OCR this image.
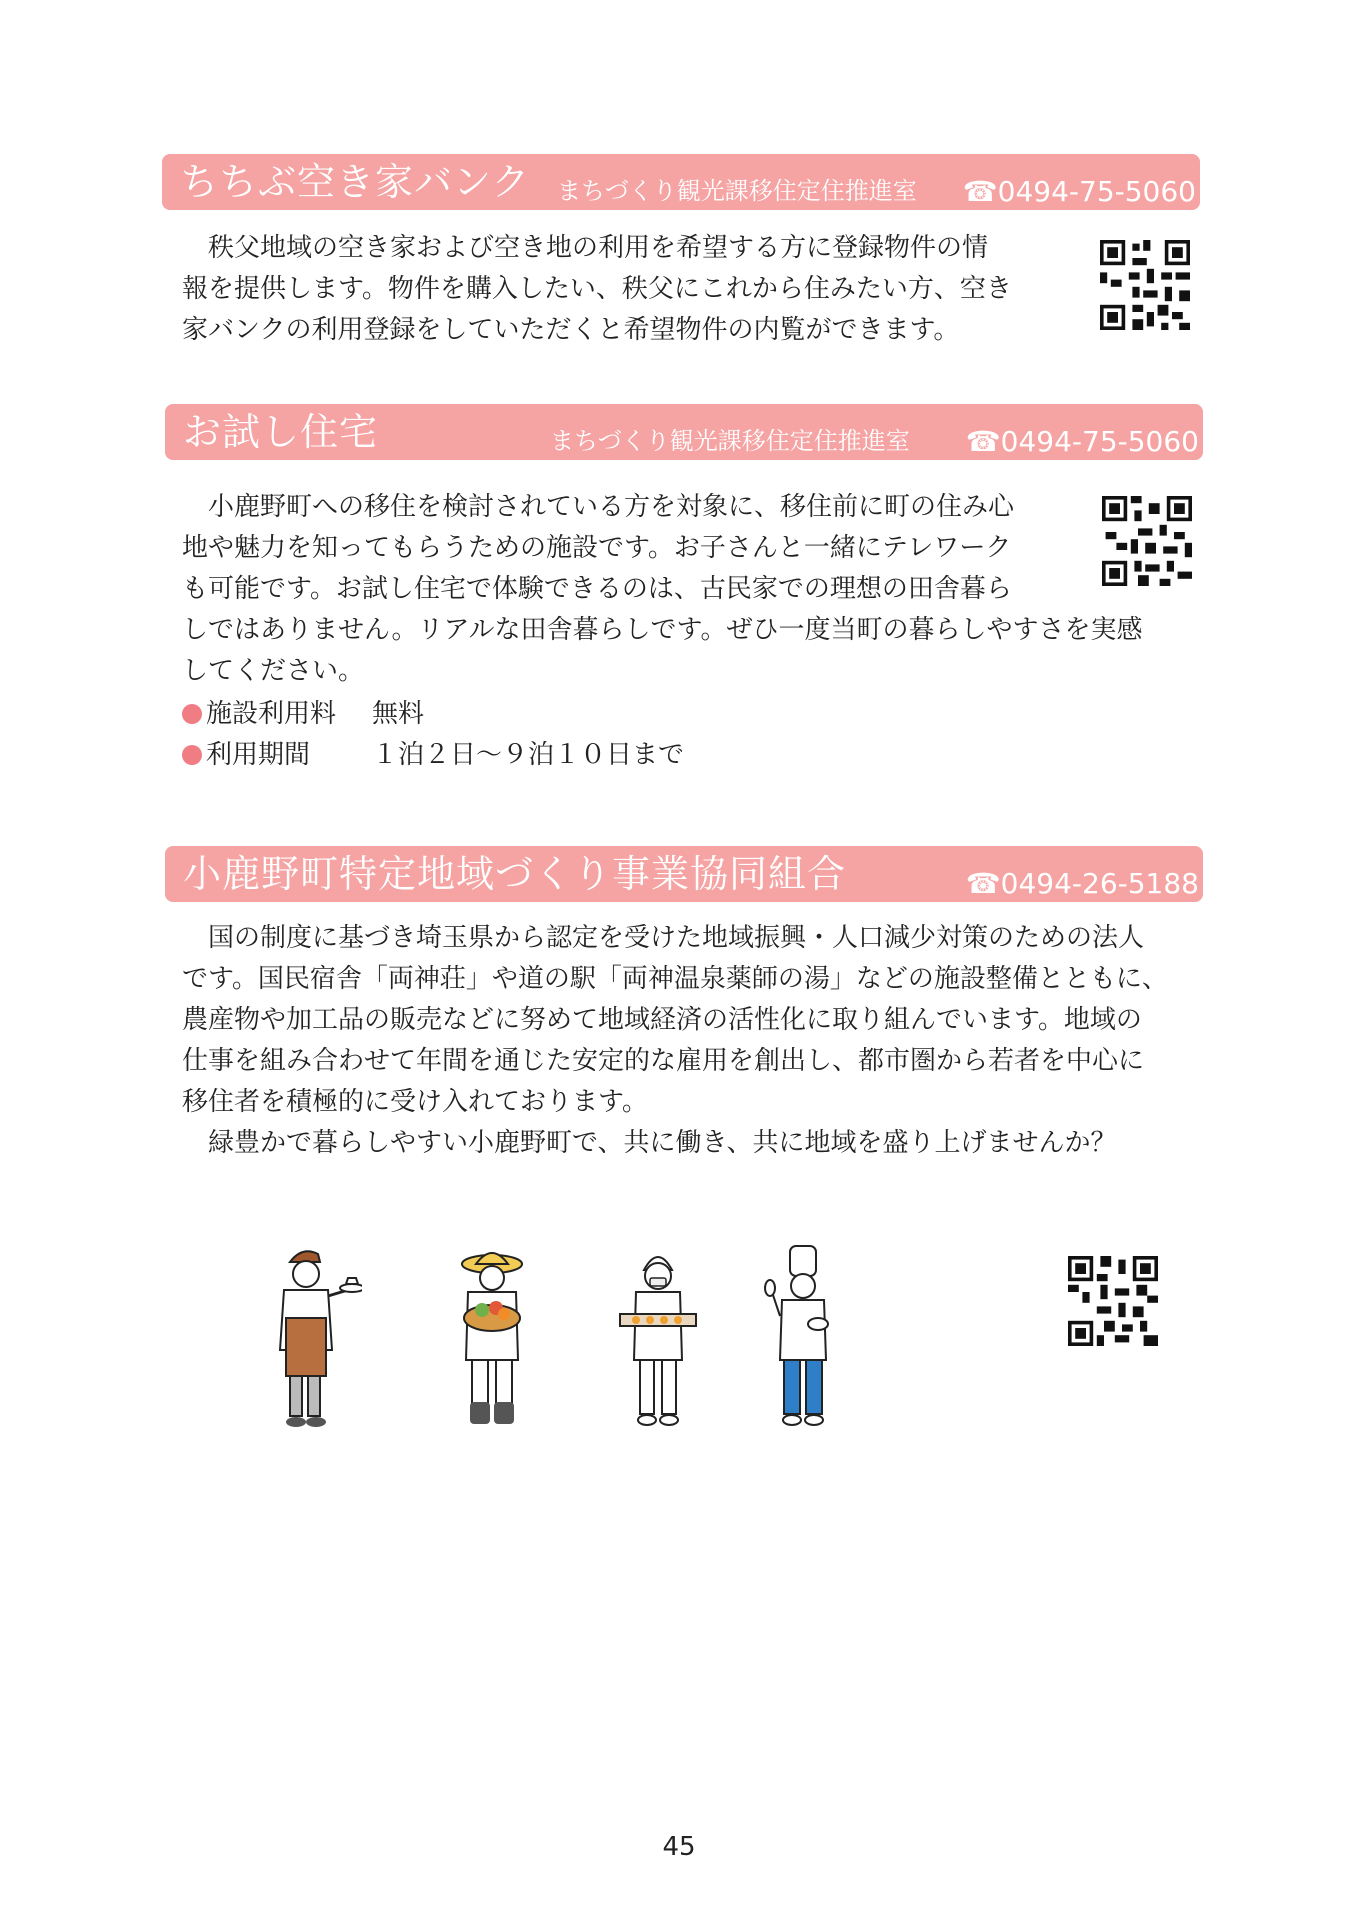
ちちぶ空き家バンク まちづくり観光課移住定住推進室 ☎0494-75-5060

秩父地域の空き家および空き地の利用を希望する方に登録物件の情

報を提供します。物件を購入したい、秩父にこれから住みたい方、空き
家バンクの利用登録をしていただくと希望物件の内覧ができます。
お試し住宅	まちづくり観光課移住定住推進室 ☎0494-75-5060

小鹿野町への移住を検討されている方を対象に、移住前に町の住み心

地や魅力を知ってもらうための施設です。お子さんと一緒にテレワーク
も可能です。お試し住宅で体験できるのは、古民家での理想の田舎暮ら
しではありません。リアルな田舎暮らしです。ぜひ一度当町の暮らしやすさを実感
してください。
施設利用料 無料
利用期間 １泊２日〜９泊１０日まで
小鹿野町特定地域づくり事業協同組合	☎0494-26-5188

国の制度に基づき埼玉県から認定を受けた地域振興・人口減少対策のための法人

です。国民宿舎「両神荘」や道の駅「両神温泉薬師の湯」などの施設整備とともに、
農産物や加工品の販売などに努めて地域経済の活性化に取り組んでいます。地域の
仕事を組み合わせて年間を通じた安定的な雇用を創出し、都市圏から若者を中心に
移住者を積極的に受け入れております。

緑豊かで暮らしやすい小鹿野町で、共に働き、共に地域を盛り上げませんか？

45
